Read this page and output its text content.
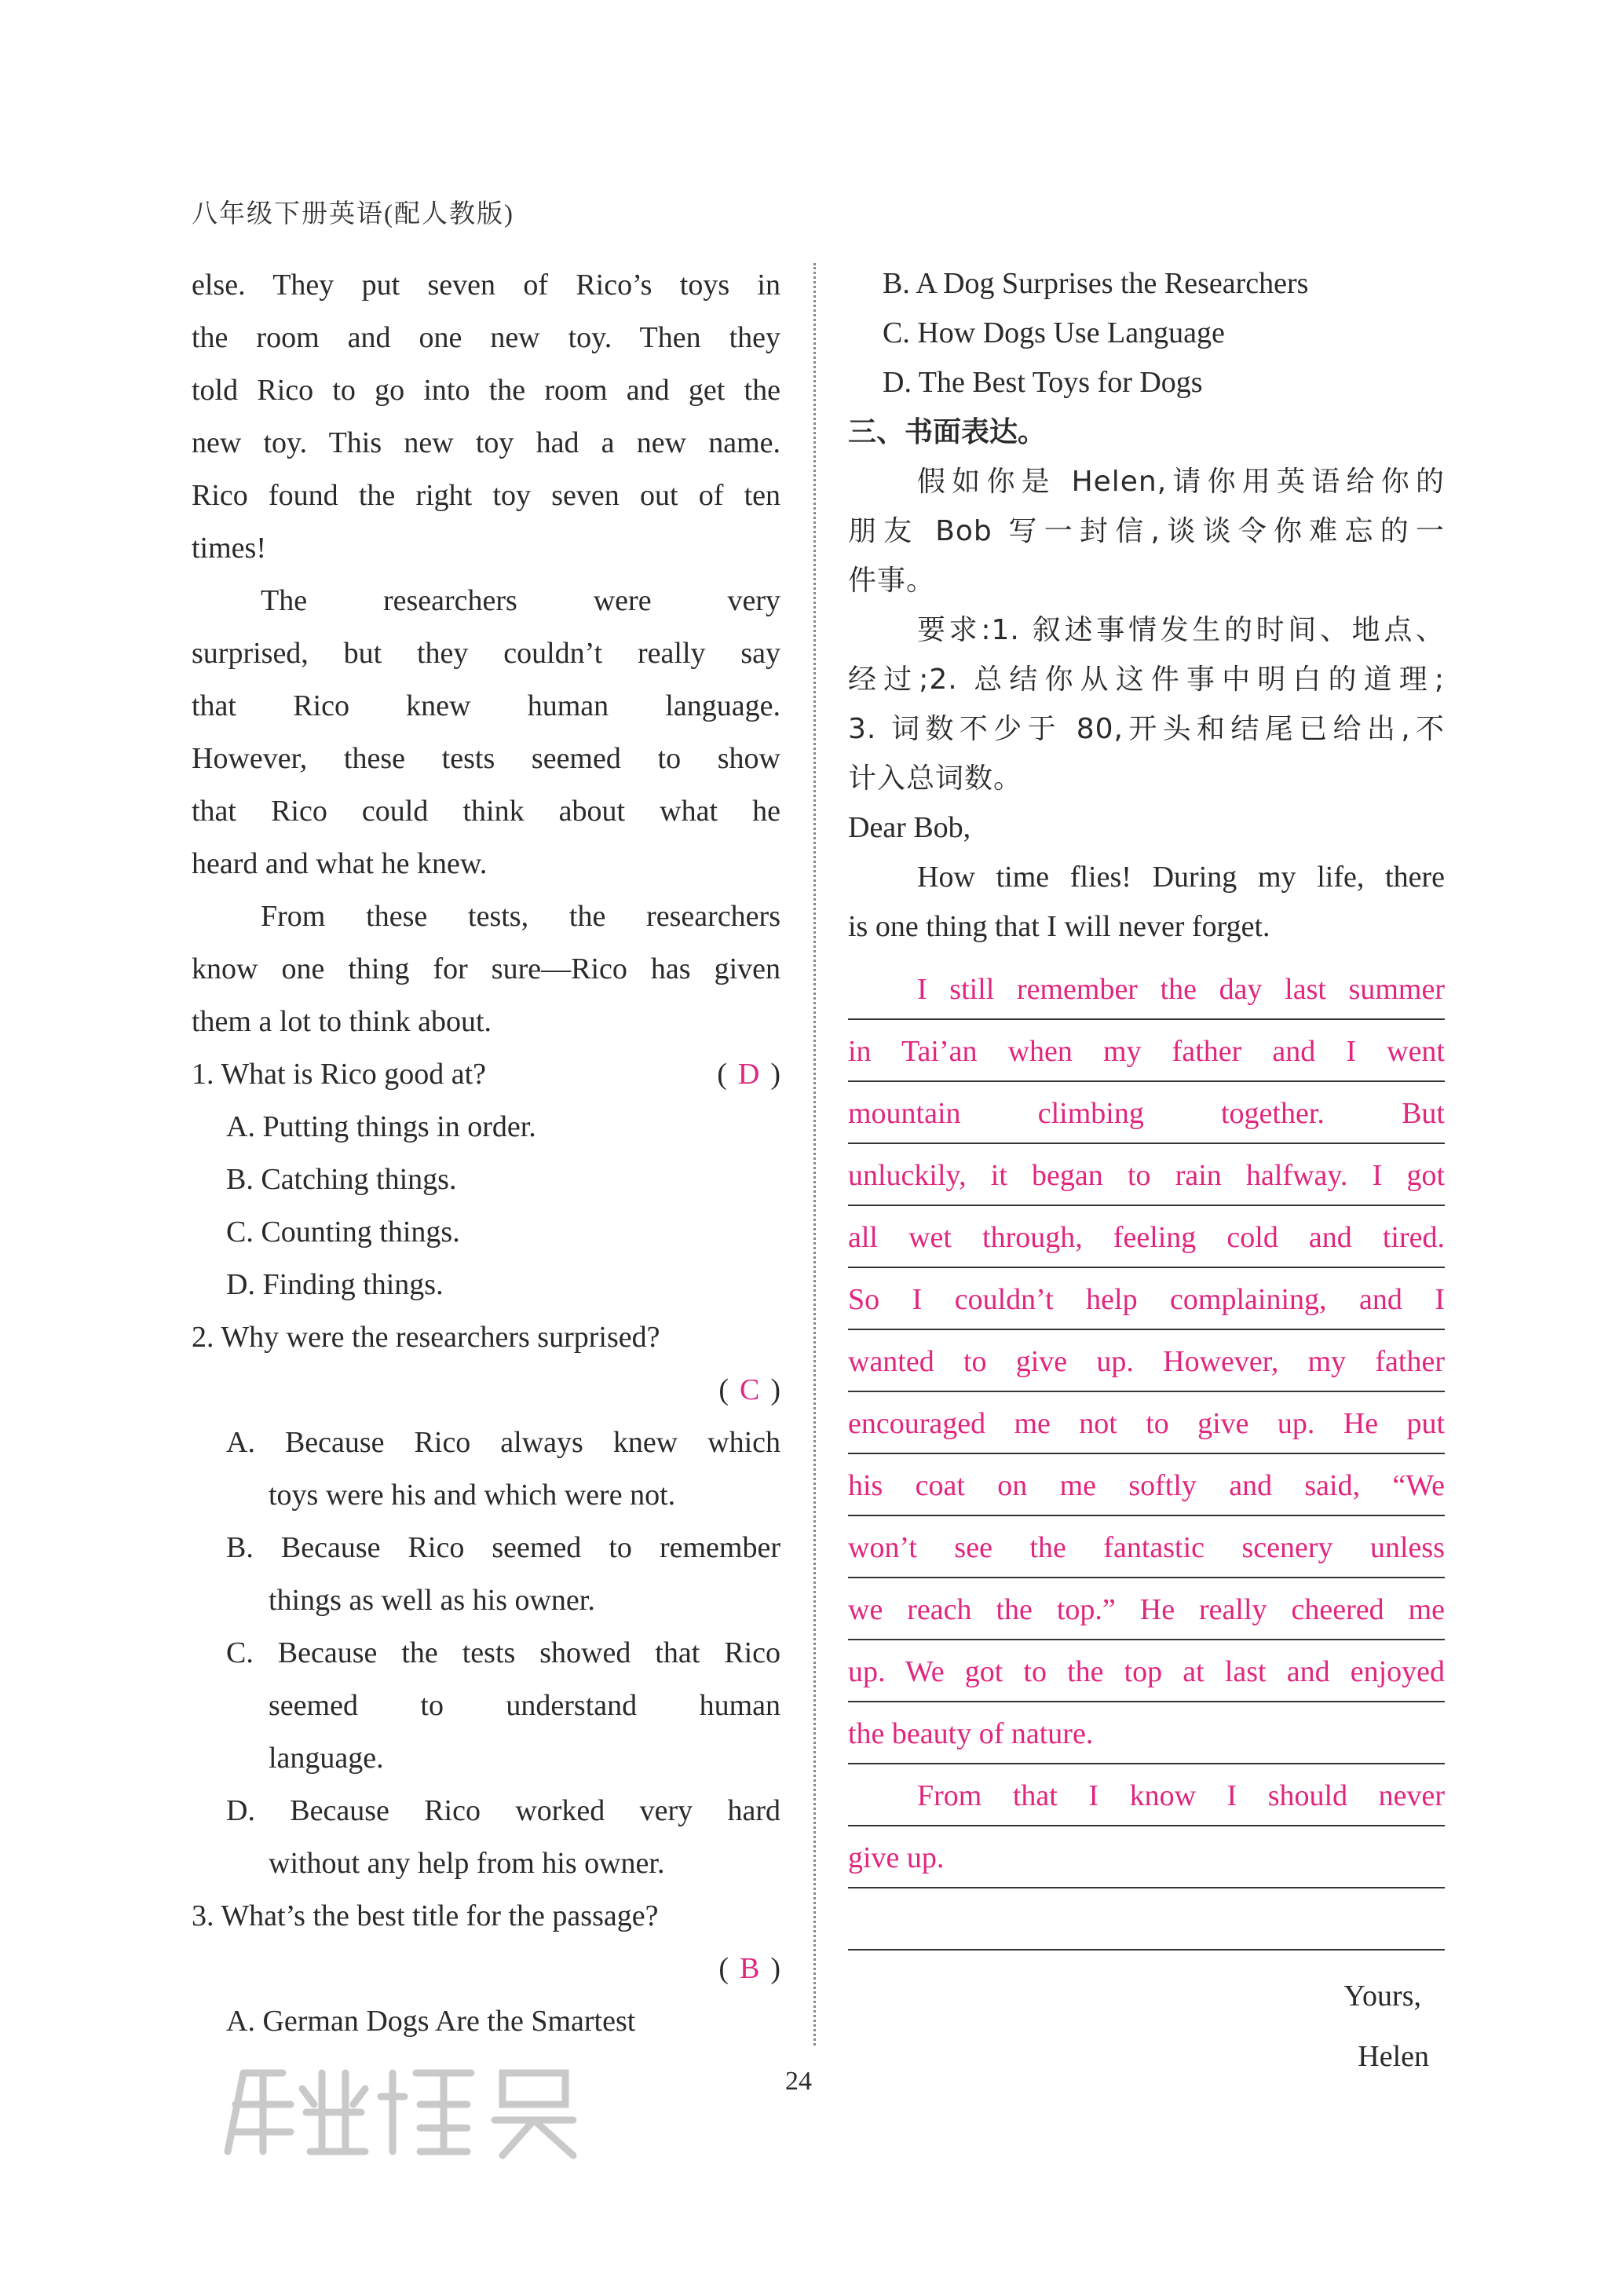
八年级下册英语(配人教版)
else. They put seven of Rico’s toys in
the room and one new toy. Then they
told Rico to go into the room and get the
new toy. This new toy had a new name.
Rico found the right toy seven out of ten
times!
The researchers were very
surprised, but they couldn’t really say
that Rico knew human language.
However, these tests seemed to show
that Rico could think about what he
heard and what he knew.
From these tests, the researchers
know one thing for sure—Rico has given
them a lot to think about.
1. What is Rico good at?	( D )
A. Putting things in order.
B. Catching things.
C. Counting things.
D. Finding things.
2. Why were the researchers surprised?
( C )
A. Because Rico always knew which
toys were his and which were not.
B. Because Rico seemed to remember
things as well as his owner.
C. Because the tests showed that Rico
seemed to understand human
language.
D. Because Rico worked very hard
without any help from his owner.
3. What’s the best title for the passage?
( B )
A. German Dogs Are the Smartest
B. A Dog Surprises the Researchers
C. How Dogs Use Language
D. The Best Toys for Dogs
三、书面表达。
假如你是 Helen,请你用英语给你的
朋友 Bob 写一封信,谈谈令你难忘的一
件事。
要求:1. 叙述事情发生的时间、地点、
经过;2. 总结你从这件事中明白的道理;
3. 词数不少于 80,开头和结尾已给出,不
计入总词数。
Dear Bob,
How time flies! During my life, there
is one thing that I will never forget.
I still remember the day last summer
in Tai’an when my father and I went
mountain climbing together. But
unluckily, it began to rain halfway. I got
all wet through, feeling cold and tired.
So I couldn’t help complaining, and I
wanted to give up. However, my father
encouraged me not to give up. He put
his coat on me softly and said, “We
won’t see the fantastic scenery unless
we reach the top.” He really cheered me
up. We got to the top at last and enjoyed
the beauty of nature.
From that I know I should never
give up.
Yours,
Helen
24
